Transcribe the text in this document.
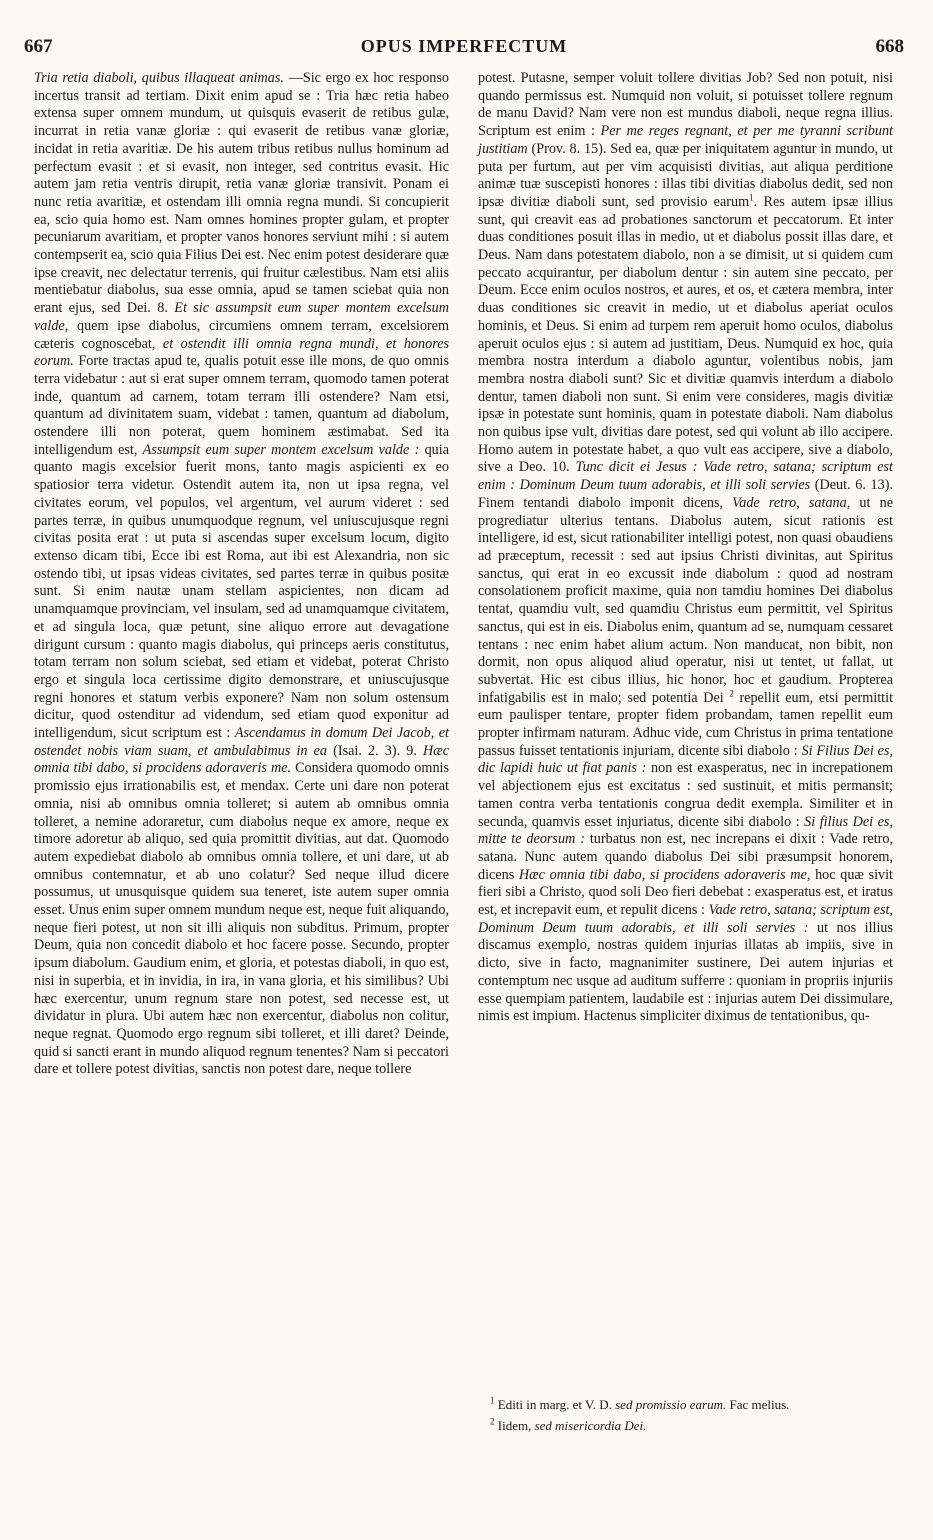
667	OPUS IMPERFECTUM	668

Tria retia diaboli, quibus illaqueat animas. —Sic ergo ex hoc responso incertus transit ad tertiam. Dixit enim apud se : Tria hæc retia habeo extensa super omnem mundum, ut quisquis evaserit de retibus gulæ, incurrat in retia vanæ gloriæ : qui evaserit de retibus vanæ gloriæ, incidat in retia avaritiæ. De his autem tribus retibus nullus hominum ad perfectum evasit : et si evasit, non integer, sed contritus evasit. Hic autem jam retia ventris dirupit, retia vanæ gloriæ transivit. Ponam ei nunc retia avaritiæ, et ostendam illi omnia regna mundi. Si concupierit ea, scio quia homo est. Nam omnes homines propter gulam, et propter pecuniarum avaritiam, et propter vanos honores serviunt mihi : si autem contempserit ea, scio quia Filius Dei est. Nec enim potest desiderare quæ ipse creavit, nec delectatur terrenis, qui fruitur cælestibus. Nam etsi aliis mentiebatur diabolus, sua esse omnia, apud se tamen sciebat quia non erant ejus, sed Dei. 8. Et sic assumpsit eum super montem excelsum valde, quem ipse diabolus, circumiens omnem terram, excelsiorem cæteris cognoscebat, et ostendit illi omnia regna mundi, et honores eorum. Forte tractas apud te, qualis potuit esse ille mons, de quo omnis terra videbatur : aut si erat super omnem terram, quomodo tamen poterat inde, quantum ad carnem, totam terram illi ostendere? Nam etsi, quantum ad divinitatem suam, videbat : tamen, quantum ad diabolum, ostendere illi non poterat, quem hominem æstimabat. Sed ita intelligendum est, Assumpsit eum super montem excelsum valde : quia quanto magis excelsior fuerit mons, tanto magis aspicienti ex eo spatiosior terra videtur. Ostendit autem ita, non ut ipsa regna, vel civitates eorum, vel populos, vel argentum, vel aurum videret : sed partes terræ, in quibus unumquodque regnum, vel uniuscujusque regni civitas posita erat : ut puta si ascendas super excelsum locum, digito extenso dicam tibi, Ecce ibi est Roma, aut ibi est Alexandria, non sic ostendo tibi, ut ipsas videas civitates, sed partes terræ in quibus positæ sunt. Si enim nautæ unam stellam aspicientes, non dicam ad unamquamque provinciam, vel insulam, sed ad unamquamque civitatem, et ad singula loca, quæ petunt, sine aliquo errore aut devagatione dirigunt cursum : quanto magis diabolus, qui princeps aeris constitutus, totam terram non solum sciebat, sed etiam et videbat, poterat Christo ergo et singula loca certissime digito demonstrare, et uniuscujusque regni honores et statum verbis exponere? Nam non solum ostensum dicitur, quod ostenditur ad videndum, sed etiam quod exponitur ad intelligendum, sicut scriptum est : Ascendamus in domum Dei Jacob, et ostendet nobis viam suam, et ambulabimus in ea (Isai. 2. 3). 9. Hæc omnia tibi dabo, si procidens adoraveris me. Considera quomodo omnis promissio ejus irrationabilis est, et mendax. Certe uni dare non poterat omnia, nisi ab omnibus omnia tolleret; si autem ab omnibus omnia tolleret, a nemine adoraretur, cum diabolus neque ex amore, neque ex timore adoretur ab aliquo, sed quia promittit divitias, aut dat. Quomodo autem expediebat diabolo ab omnibus omnia tollere, et uni dare, ut ab omnibus contemnatur, et ab uno colatur? Sed neque illud dicere possumus, ut unusquisque quidem sua teneret, iste autem super omnia esset. Unus enim super omnem mundum neque est, neque fuit aliquando, neque fieri potest, ut non sit illi aliquis non subditus. Primum, propter Deum, quia non concedit diabolo et hoc facere posse. Secundo, propter ipsum diabolum. Gaudium enim, et gloria, et potestas diaboli, in quo est, nisi in superbia, et in invidia, in ira, in vana gloria, et his similibus? Ubi hæc exercentur, unum regnum stare non potest, sed necesse est, ut dividatur in plura. Ubi autem hæc non exercentur, diabolus non colitur, neque regnat. Quomodo ergo regnum sibi tolleret, et illi daret? Deinde, quid si sancti erant in mundo aliquod regnum tenentes? Nam si peccatori dare et tollere potest divitias, sanctis non potest dare, neque tollere

potest. Putasne, semper voluit tollere divitias Job? Sed non potuit, nisi quando permissus est. Numquid non voluit, si potuisset tollere regnum de manu David? Nam vere non est mundus diaboli, neque regna illius. Scriptum est enim : Per me reges regnant, et per me tyranni scribunt justitiam (Prov. 8. 15). Sed ea, quæ per iniquitatem aguntur in mundo, ut puta per furtum, aut per vim acquisisti divitias, aut aliqua perditione animæ tuæ suscepisti honores : illas tibi divitias diabolus dedit, sed non ipsæ divitiæ diaboli sunt, sed provisio earum$^1$. Res autem ipsæ illius sunt, qui creavit eas ad probationes sanctorum et peccatorum. Et inter duas conditiones posuit illas in medio, ut et diabolus possit illas dare, et Deus. Nam dans potestatem diabolo, non a se dimisit, ut si quidem cum peccato acquirantur, per diabolum dentur : sin autem sine peccato, per Deum. Ecce enim oculos nostros, et aures, et os, et cætera membra, inter duas conditiones sic creavit in medio, ut et diabolus aperiat oculos hominis, et Deus. Si enim ad turpem rem aperuit homo oculos, diabolus aperuit oculos ejus : si autem ad justitiam, Deus. Numquid ex hoc, quia membra nostra interdum a diabolo aguntur, volentibus nobis, jam membra nostra diaboli sunt? Sic et divitiæ quamvis interdum a diabolo dentur, tamen diaboli non sunt. Si enim vere consideres, magis divitiæ ipsæ in potestate sunt hominis, quam in potestate diaboli. Nam diabolus non quibus ipse vult, divitias dare potest, sed qui volunt ab illo accipere. Homo autem in potestate habet, a quo vult eas accipere, sive a diabolo, sive a Deo. 10. Tunc dicit ei Jesus : Vade retro, satana; scriptum est enim : Dominum Deum tuum adorabis, et illi soli servies (Deut. 6. 13). Finem tentandi diabolo imponit dicens, Vade retro, satana, ut ne progrediatur ulterius tentans. Diabolus autem, sicut rationis est intelligere, id est, sicut rationabiliter intelligi potest, non quasi obaudiens ad præceptum, recessit : sed aut ipsius Christi divinitas, aut Spiritus sanctus, qui erat in eo excussit inde diabolum : quod ad nostram consolationem proficit maxime, quia non tamdiu homines Dei diabolus tentat, quamdiu vult, sed quamdiu Christus eum permittit, vel Spiritus sanctus, qui est in eis. Diabolus enim, quantum ad se, numquam cessaret tentans : nec enim habet alium actum. Non manducat, non bibit, non dormit, non opus aliquod aliud operatur, nisi ut tentet, ut fallat, ut subvertat. Hic est cibus illius, hic honor, hoc et gaudium. Propterea infatigabilis est in malo; sed potentia Dei $^2$ repellit eum, etsi permittit eum paulisper tentare, propter fidem probandam, tamen repellit eum propter infirmam naturam. Adhuc vide, cum Christus in prima tentatione passus fuisset tentationis injuriam, dicente sibi diabolo : Si Filius Dei es, dic lapidi huic ut fiat panis : non est exasperatus, nec in increpationem vel abjectionem ejus est excitatus : sed sustinuit, et mitis permansit; tamen contra verba tentationis congrua dedit exempla. Similiter et in secunda, quamvis esset injuriatus, dicente sibi diabolo : Si filius Dei es, mitte te deorsum : turbatus non est, nec increpans ei dixit : Vade retro, satana. Nunc autem quando diabolus Dei sibi præsumpsit honorem, dicens Hæc omnia tibi dabo, si procidens adoraveris me, hoc quæ sivit fieri sibi a Christo, quod soli Deo fieri debebat : exasperatus est, et iratus est, et increpavit eum, et repulit dicens : Vade retro, satana; scriptum est, Dominum Deum tuum adorabis, et illi soli servies : ut nos illius discamus exemplo, nostras quidem injurias illatas ab impiis, sive in dicto, sive in facto, magnanimiter sustinere, Dei autem injurias et contemptum nec usque ad auditum sufferre : quoniam in propriis injuriis esse quempiam patientem, laudabile est : injurias autem Dei dissimulare, nimis est impium. Hactenus simpliciter diximus de tentationibus, qu-

$^1$ Editi in marg. et V. D. sed promissio earum. Fac melius.

$^2$ Iidem, sed misericordia Dei.
